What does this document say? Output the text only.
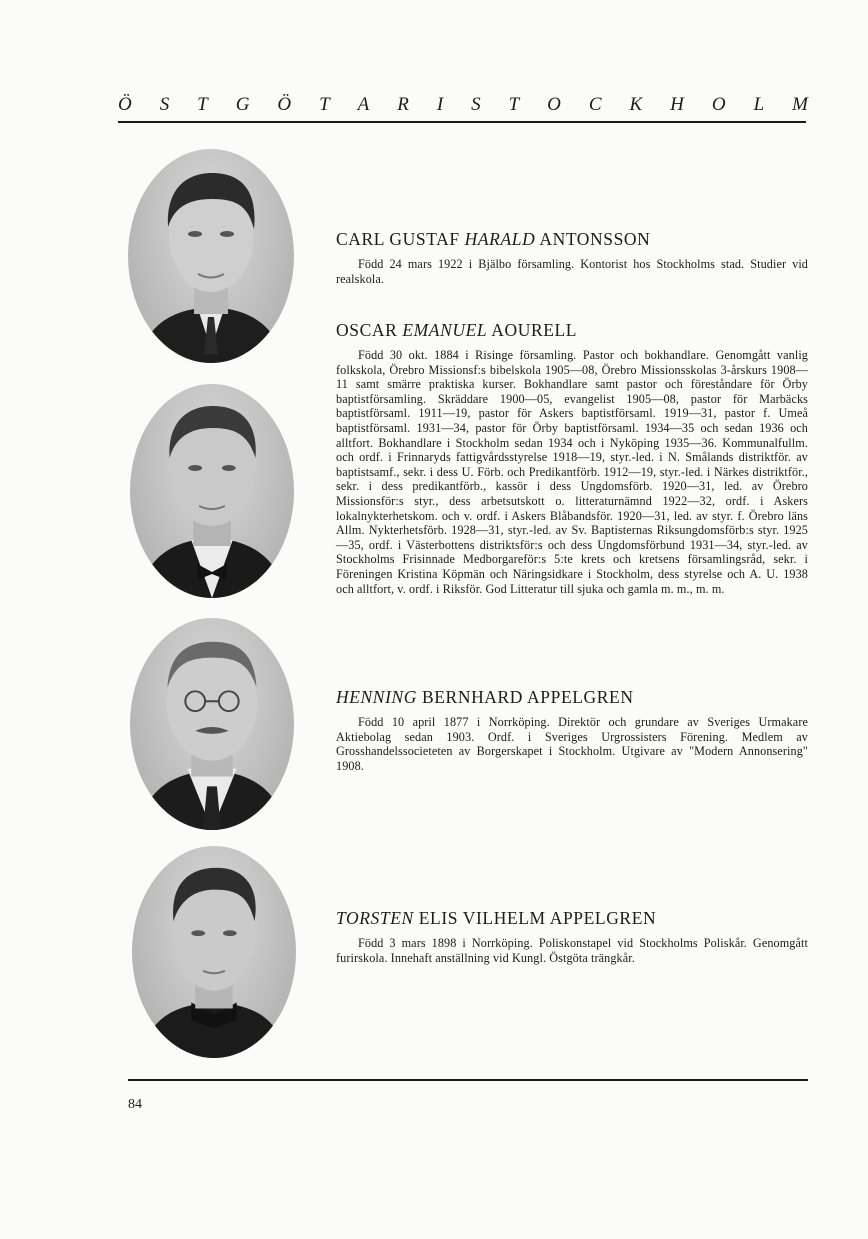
Ö S T G Ö T A R I S T O C K H O L M
CARL GUSTAF HARALD ANTONSSON

Född 24 mars 1922 i Bjälbo församling. Kontorist hos Stockholms stad. Studier vid realskola.

OSCAR EMANUEL AOURELL

Född 30 okt. 1884 i Risinge församling. Pastor och bokhandlare. Genomgått vanlig folkskola, Örebro Missionsf:s bibelskola 1905—08, Örebro Missionsskolas 3-årskurs 1908—11 samt smärre praktiska kurser. Bokhandlare samt pastor och föreståndare för Örby baptistförsamling. Skräddare 1900—05, evangelist 1905—08, pastor för Marbäcks baptistförsaml. 1911—19, pastor för Askers baptistförsaml. 1919—31, pastor f. Umeå baptistförsaml. 1931—34, pastor för Örby baptistförsaml. 1934—35 och sedan 1936 och alltfort. Bokhandlare i Stockholm sedan 1934 och i Nyköping 1935—36. Kommunalfullm. och ordf. i Frinnaryds fattigvårdsstyrelse 1918—19, styr.-led. i N. Smålands distriktför. av baptistsamf., sekr. i dess U. Förb. och Predikantförb. 1912—19, styr.-led. i Närkes distriktför., sekr. i dess predikantförb., kassör i dess Ungdomsförb. 1920—31, led. av Örebro Missionsför:s styr., dess arbetsutskott o. litteraturnämnd 1922—32, ordf. i Askers lokalnykterhetskom. och v. ordf. i Askers Blåbandsför. 1920—31, led. av styr. f. Örebro läns Allm. Nykterhetsförb. 1928—31, styr.-led. av Sv. Baptisternas Riksungdomsförb:s styr. 1925—35, ordf. i Västerbottens distriktsför:s och dess Ungdomsförbund 1931—34, styr.-led. av Stockholms Frisinnade Medborgareför:s 5:te krets och kretsens församlingsråd, sekr. i Föreningen Kristina Köpmän och Näringsidkare i Stockholm, dess styrelse och A. U. 1938 och alltfort, v. ordf. i Riksför. God Litteratur till sjuka och gamla m. m., m. m.

HENNING BERNHARD APPELGREN

Född 10 april 1877 i Norrköping. Direktör och grundare av Sveriges Urmakare Aktiebolag sedan 1903. Ordf. i Sveriges Urgrossisters Förening. Medlem av Grosshandelssocieteten av Borgerskapet i Stockholm. Utgivare av "Modern Annonsering" 1908.

TORSTEN ELIS VILHELM APPELGREN

Född 3 mars 1898 i Norrköping. Poliskonstapel vid Stockholms Poliskår. Genomgått furirskola. Innehaft anställning vid Kungl. Östgöta trängkår.

84
